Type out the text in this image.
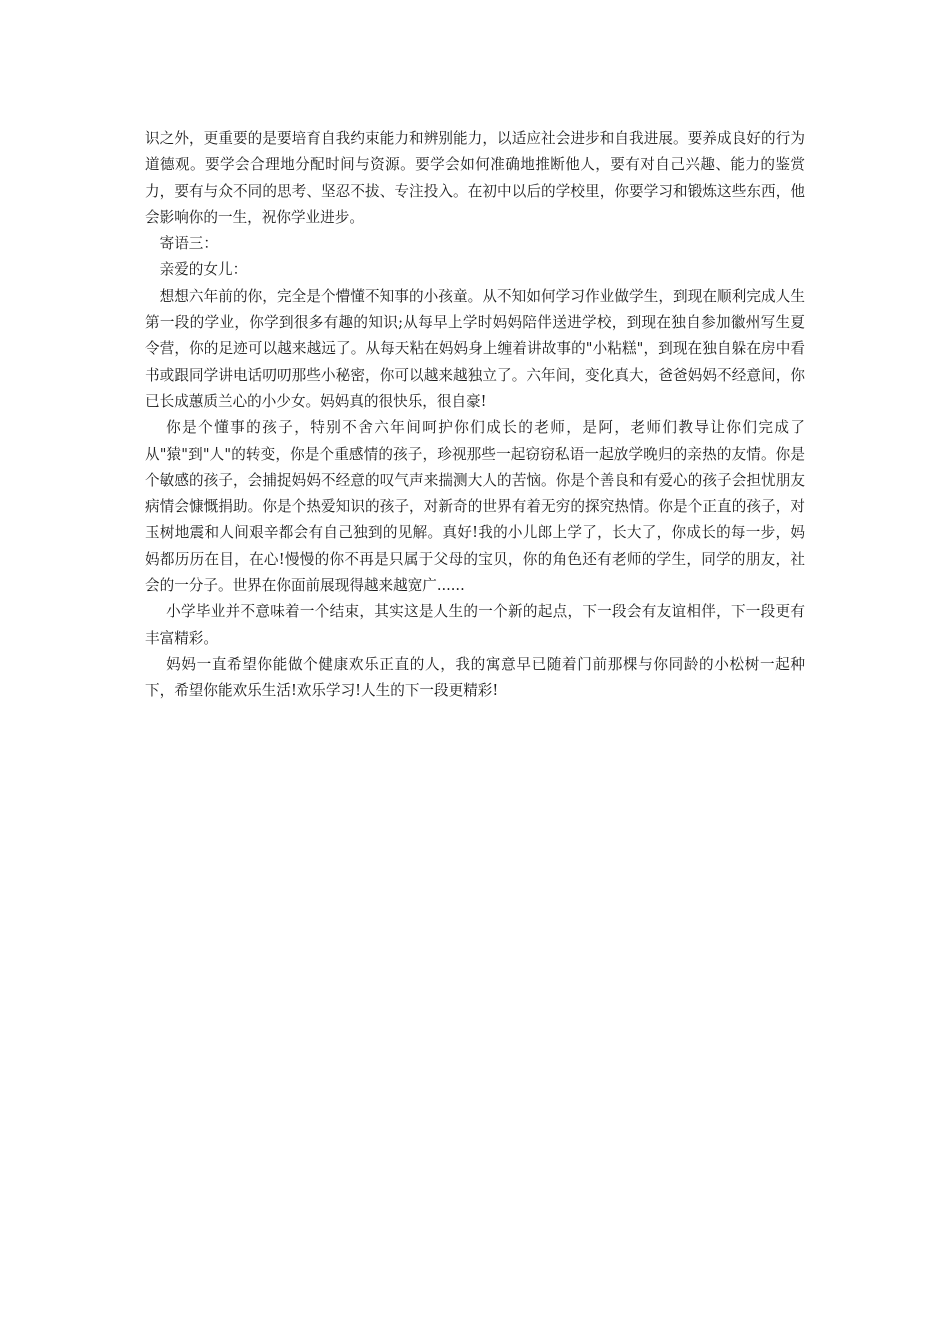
识之外，更重要的是要培育自我约束能力和辨别能力，以适应社会进步和自我进展。要养成良好的行为道德观。要学会合理地分配时间与资源。要学会如何准确地推断他人，要有对自己兴趣、能力的鉴赏力，要有与众不同的思考、坚忍不拔、专注投入。在初中以后的学校里，你要学习和锻炼这些东西，他会影响你的一生，祝你学业进步。

寄语三：

亲爱的女儿：

想想六年前的你，完全是个懵懂不知事的小孩童。从不知如何学习作业做学生，到现在顺利完成人生第一段的学业，你学到很多有趣的知识;从每早上学时妈妈陪伴送进学校，到现在独自参加徽州写生夏令营，你的足迹可以越来越远了。从每天粘在妈妈身上缠着讲故事的"小粘糕"，到现在独自躲在房中看书或跟同学讲电话叨叨那些小秘密，你可以越来越独立了。六年间，变化真大，爸爸妈妈不经意间，你已长成蕙质兰心的小少女。妈妈真的很快乐，很自豪!

你是个懂事的孩子，特别不舍六年间呵护你们成长的老师，是阿，老师们教导让你们完成了从"猿"到"人"的转变，你是个重感情的孩子，珍视那些一起窃窃私语一起放学晚归的亲热的友情。你是个敏感的孩子，会捕捉妈妈不经意的叹气声来揣测大人的苦恼。你是个善良和有爱心的孩子会担忧朋友病情会慷慨捐助。你是个热爱知识的孩子，对新奇的世界有着无穷的探究热情。你是个正直的孩子，对玉树地震和人间艰辛都会有自己独到的见解。真好!我的小儿郎上学了，长大了，你成长的每一步，妈妈都历历在目，在心!慢慢的你不再是只属于父母的宝贝，你的角色还有老师的学生，同学的朋友，社会的一分子。世界在你面前展现得越来越宽广......

小学毕业并不意味着一个结束，其实这是人生的一个新的起点，下一段会有友谊相伴，下一段更有丰富精彩。

妈妈一直希望你能做个健康欢乐正直的人，我的寓意早已随着门前那棵与你同龄的小松树一起种下，希望你能欢乐生活!欢乐学习!人生的下一段更精彩!
